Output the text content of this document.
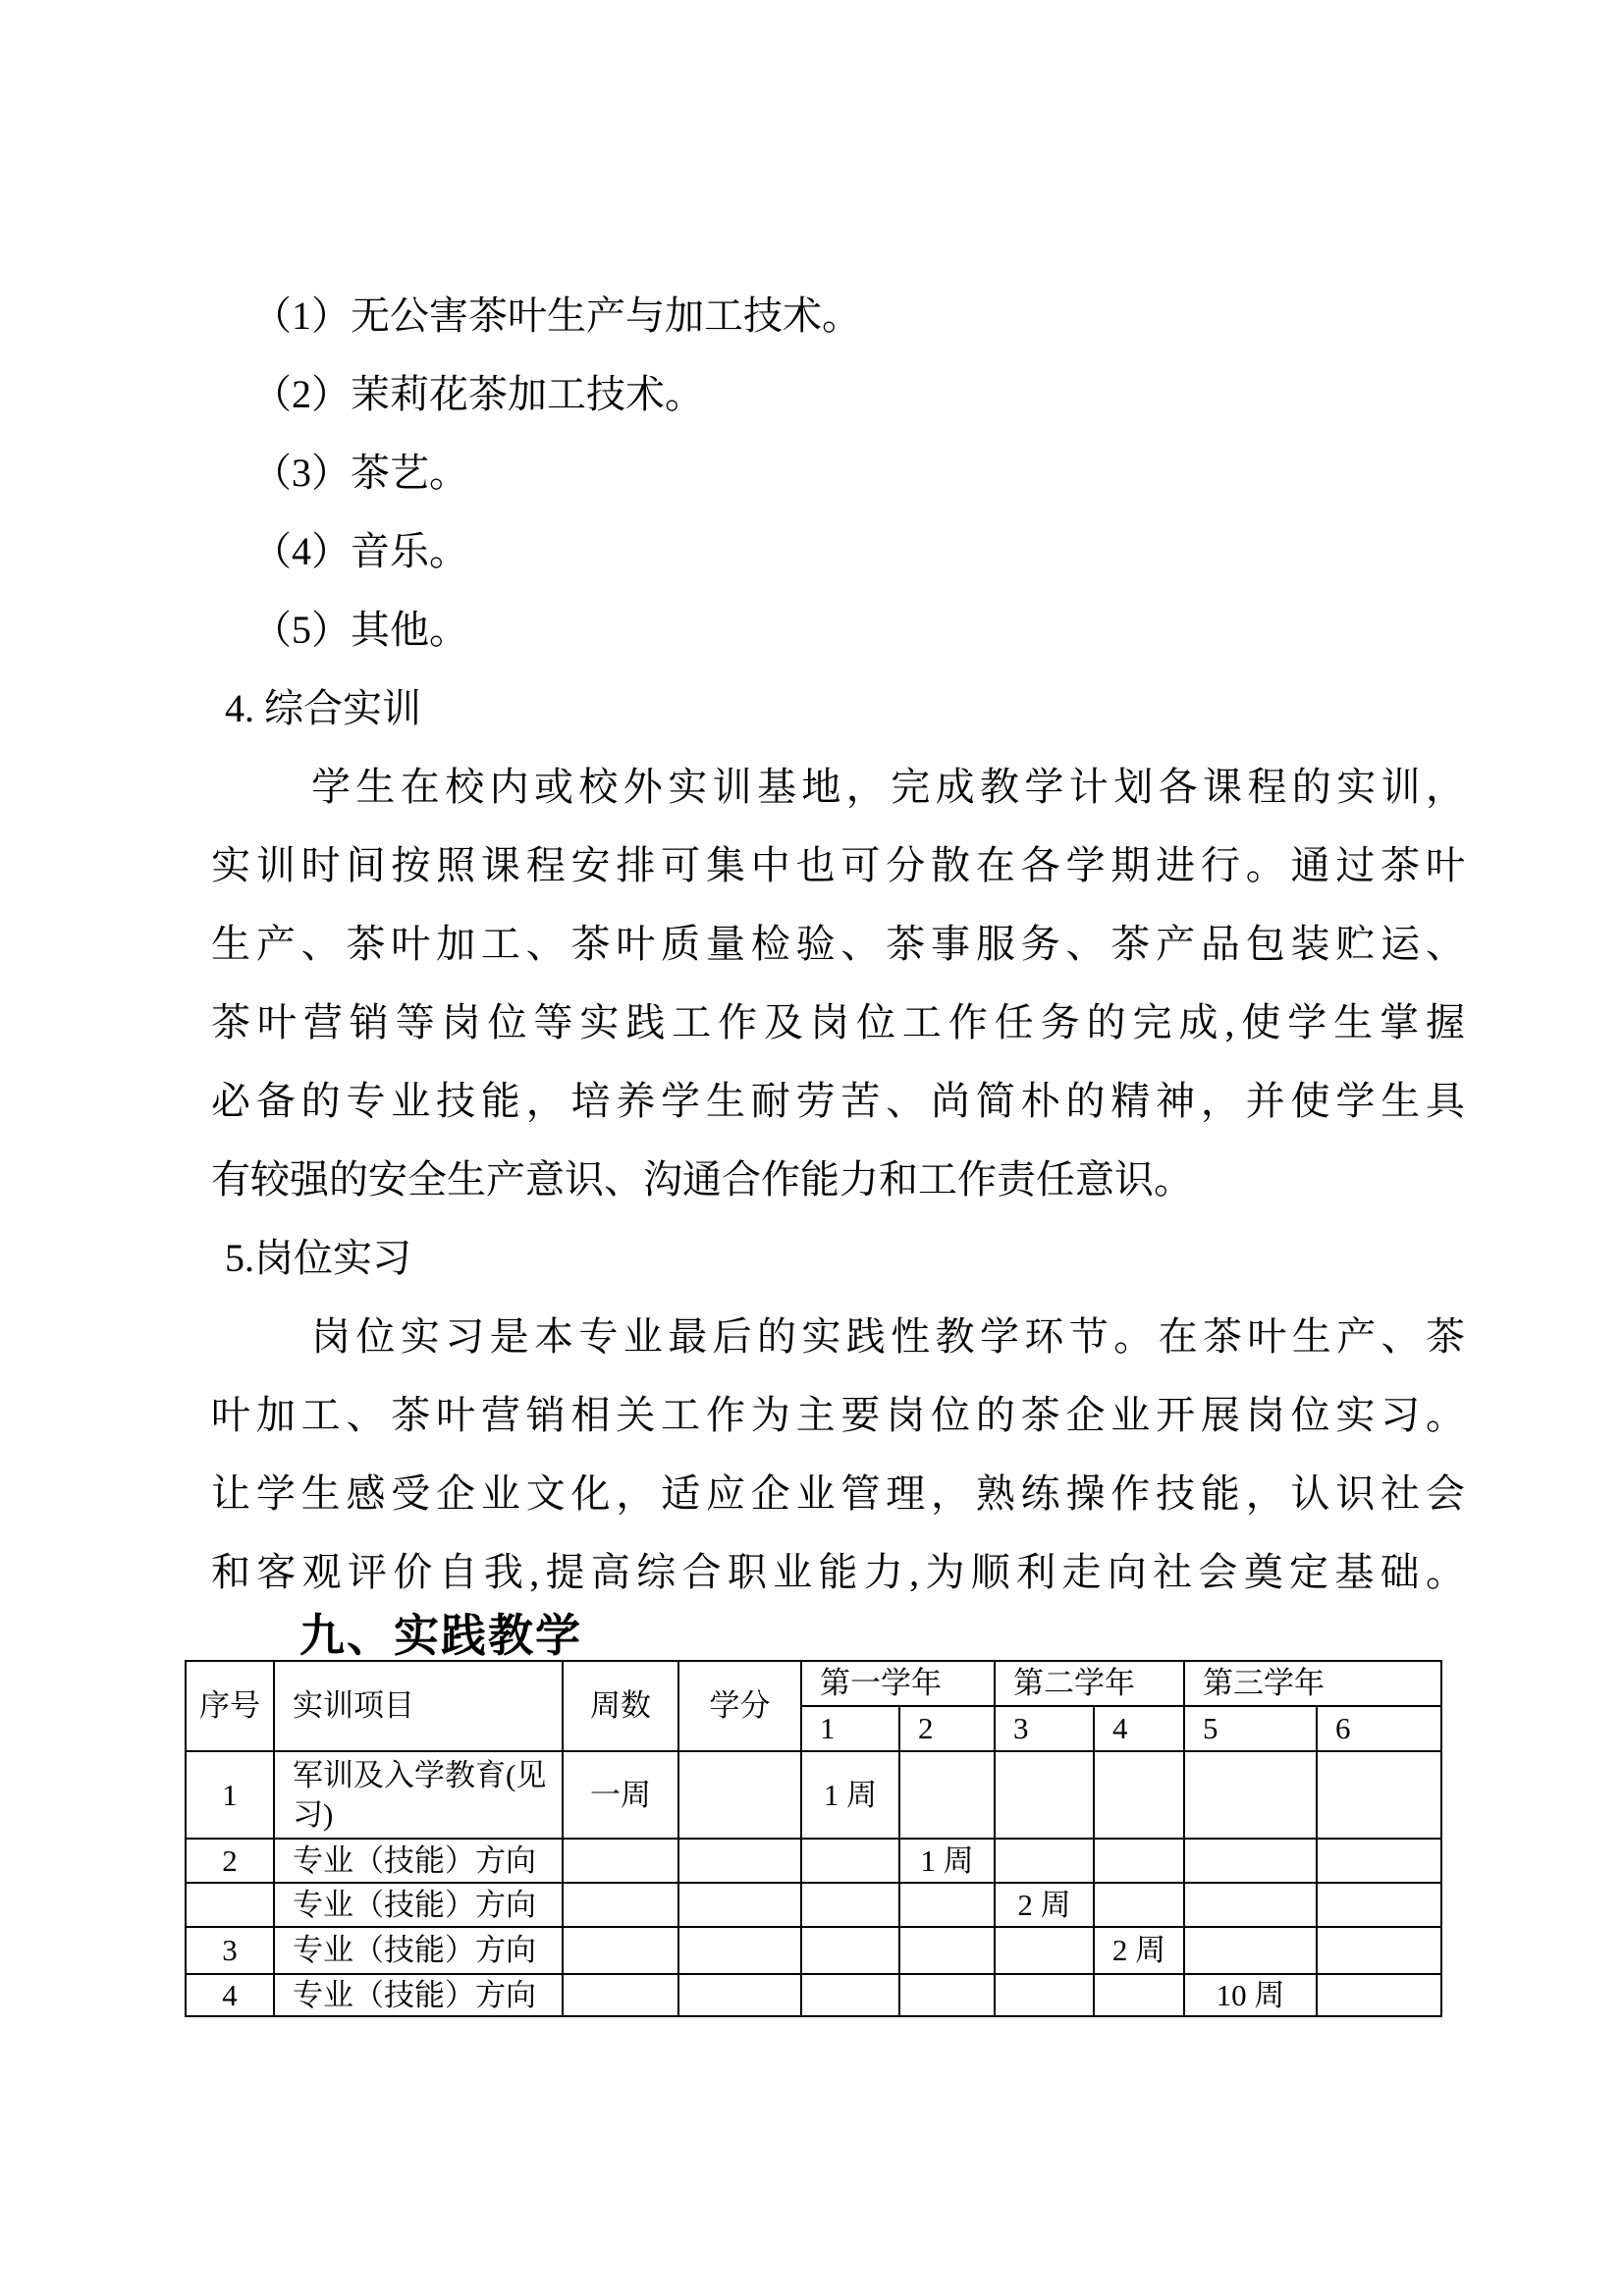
（1）无公害茶叶生产与加工技术。
（2）茉莉花茶加工技术。
（3）茶艺。
（4）音乐。
（5）其他。
4. 综合实训
学生在校内或校外实训基地，完成教学计划各课程的实训，
实训时间按照课程安排可集中也可分散在各学期进行。通过茶叶
生产、茶叶加工、茶叶质量检验、茶事服务、茶产品包装贮运、
茶叶营销等岗位等实践工作及岗位工作任务的完成,使学生掌握
必备的专业技能，培养学生耐劳苦、尚简朴的精神，并使学生具
有较强的安全生产意识、沟通合作能力和工作责任意识。
5.岗位实习
岗位实习是本专业最后的实践性教学环节。在茶叶生产、茶
叶加工、茶叶营销相关工作为主要岗位的茶企业开展岗位实习。
让学生感受企业文化，适应企业管理，熟练操作技能，认识社会
和客观评价自我,提高综合职业能力,为顺利走向社会奠定基础。
九、实践教学
序号	实训项目	周数	学分	第一学年		第二学年		第三学年	
				1	2	3	4	5	6
1	军训及入学教育(见习)	一周		1 周					
2	专业（技能）方向				1 周				
	专业（技能）方向					2 周			
3	专业（技能）方向						2 周		
4	专业（技能）方向							10 周	
